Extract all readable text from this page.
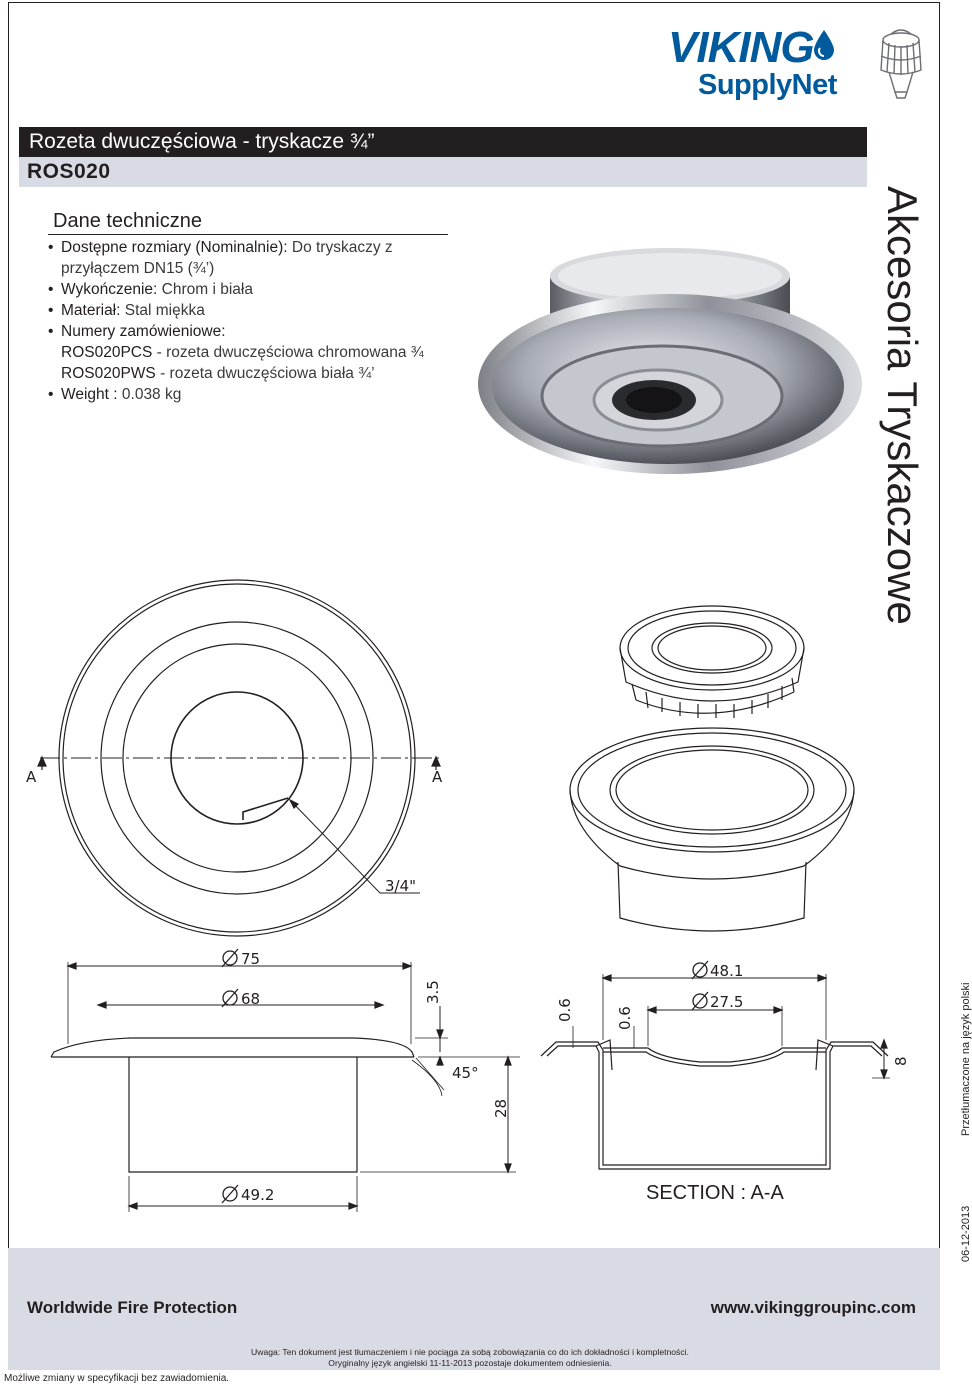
VIKING
SupplyNet
Rozeta dwuczęściowa - tryskacze ¾”
ROS020
Akcesoria Tryskaczowe
Dane techniczne
• Dostępne rozmiary (Nominalnie): Do tryskaczy z
przyłączem DN15 (¾’)
• Wykończenie: Chrom i biała
• Materiał: Stal miękka
• Numery zamówieniowe:
ROS020PCS - rozeta dwuczęściowa chromowana ¾
ROS020PWS - rozeta dwuczęściowa biała ¾’
• Weight : 0.038 kg
A	A
3/4"
75
68
49.2
48.1
27.5
45°
3.5
28
0.6	0.6
8
SECTION : A-A
Przetłumaczone na język polski
06-12-2013
Worldwide Fire Protection	www.vikinggroupinc.com
Uwaga: Ten dokument jest tłumaczeniem i nie pociąga za sobą zobowiązania co do ich dokładności i kompletności.
Oryginalny język angielski 11-11-2013 pozostaje dokumentem odniesienia.
Możliwe zmiany w specyfikacji bez zawiadomienia.
